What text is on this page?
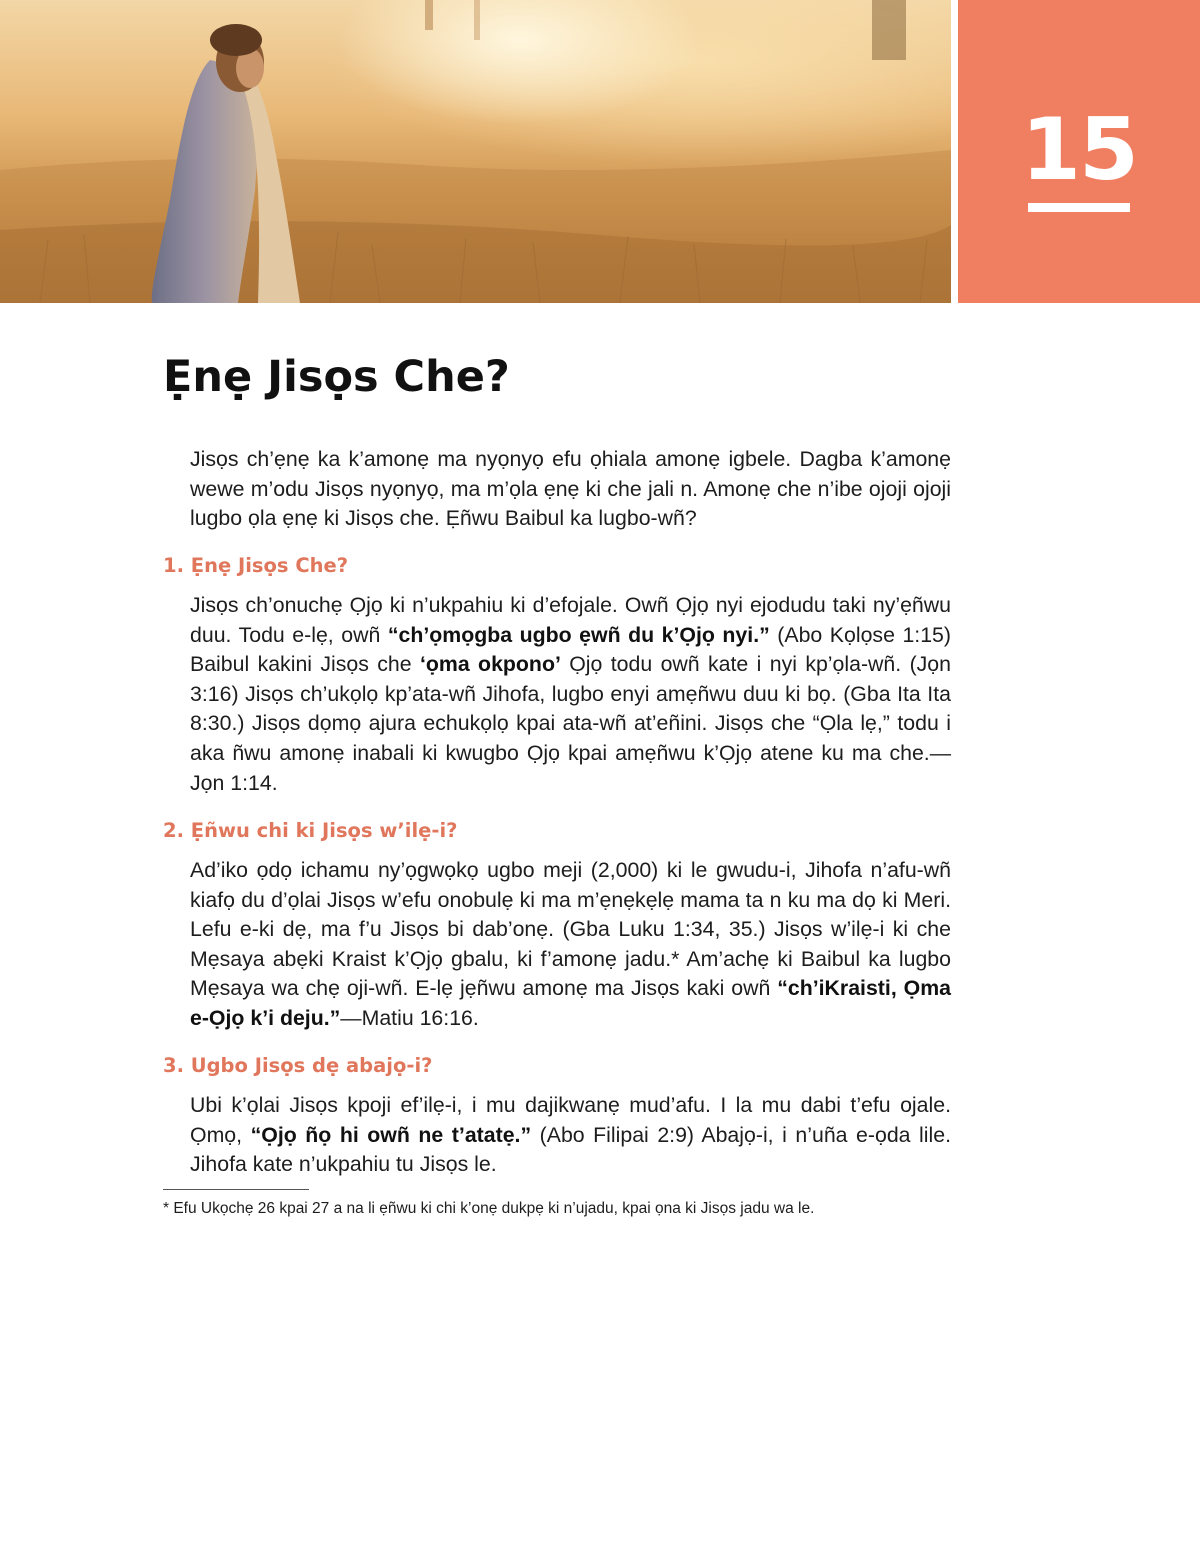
15
Ẹnẹ Jisọs Che?

Jisọs ch’ẹnẹ ka k’amonẹ ma nyọnyọ efu ọhiala amonẹ igbele. Dagba k’amonẹ wewe m’odu Jisọs nyọnyọ, ma m’ọla ẹnẹ ki che jali n. Amonẹ che n’ibe ojoji ojoji lugbo ọla ẹnẹ ki Jisọs che. Ẹñwu Baibul ka lugbo-wñ?

1. Ẹnẹ Jisọs Che?

Jisọs ch’onuchẹ Ọjọ ki n’ukpahiu ki d’efojale. Owñ Ọjọ nyi ejodudu taki ny’ẹñwu duu. Todu e-lẹ, owñ “ch’ọmọgba ugbo ẹwñ du k’Ọjọ nyi.” (Abo Kọlọse 1:15) Baibul kakini Jisọs che ‘ọma okpono’ Ọjọ todu owñ kate i nyi kp’ọla-wñ. (Jọn 3:16) Jisọs ch’ukọlọ kp’ata-wñ Jihofa, lugbo enyi amẹñwu duu ki bọ. (Gba Ita Ita 8:30.) Jisọs dọmọ ajura echukọlọ kpai ata-wñ at’eñini. Jisọs che “Ọla lẹ,” todu i aka ñwu amonẹ inabali ki kwugbo Ọjọ kpai amẹñwu k’Ọjọ atene ku ma che.—Jọn 1:14.

2. Ẹñwu chi ki Jisọs w’ilẹ-i?

Ad’iko ọdọ ichamu ny’ọgwọkọ ugbo meji (2,000) ki le gwudu-i, Jihofa n’afu-wñ kiafọ du d’ọlai Jisọs w’efu onobulẹ ki ma m’ẹnẹkẹlẹ mama ta n ku ma dọ ki Meri. Lefu e-ki dẹ, ma f’u Jisọs bi dab’onẹ. (Gba Luku 1:34, 35.) Jisọs w’ilẹ-i ki che Mẹsaya abẹki Kraist k’Ọjọ gbalu, ki f’amonẹ jadu.* Am’achẹ ki Baibul ka lugbo Mẹsaya wa chẹ oji-wñ. E-lẹ jẹñwu amonẹ ma Jisọs kaki owñ “ch’iKraisti, Ọma e-Ọjọ k’i deju.”—Matiu 16:16.

3. Ugbo Jisọs dẹ abajọ-i?

Ubi k’ọlai Jisọs kpoji ef’ilẹ-i, i mu dajikwanẹ mud’afu. I la mu dabi t’efu ojale. Ọmọ, “Ọjọ ñọ hi owñ ne t’atatẹ.” (Abo Filipai 2:9) Abajọ-i, i n’uña e-ọda lile. Jihofa kate n’ukpahiu tu Jisọs le.

* Efu Ukọchẹ 26 kpai 27 a na li ẹñwu ki chi k’onẹ dukpẹ ki n’ujadu, kpai ọna ki Jisọs jadu wa le.
